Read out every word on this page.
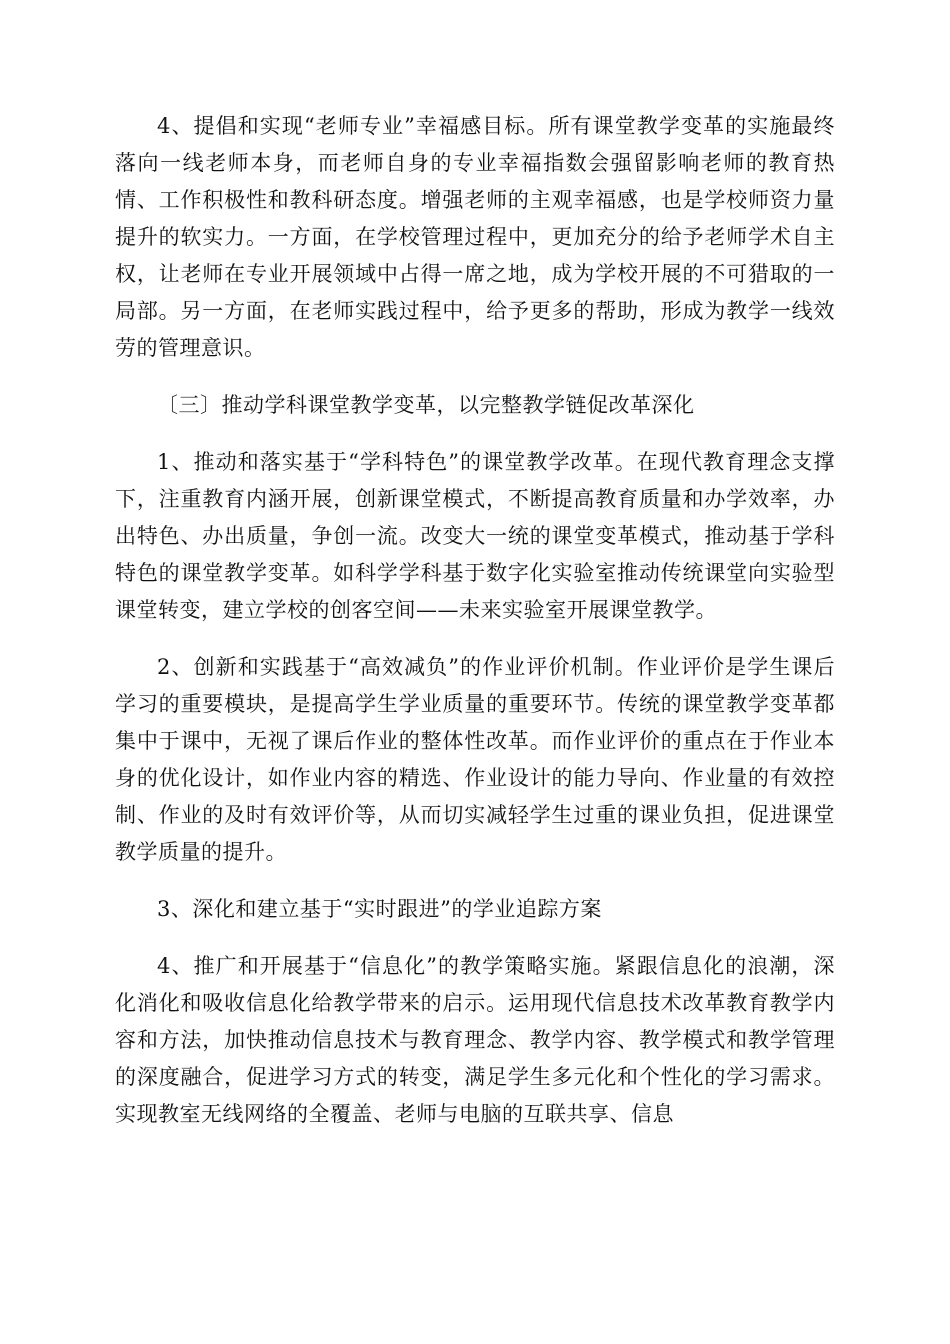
4、提倡和实现“老师专业”幸福感目标。所有课堂教学变革的实施最终落向一线老师本身，而老师自身的专业幸福指数会强留影响老师的教育热情、工作积极性和教科研态度。增强老师的主观幸福感，也是学校师资力量提升的软实力。一方面，在学校管理过程中，更加充分的给予老师学术自主权，让老师在专业开展领域中占得一席之地，成为学校开展的不可猎取的一局部。另一方面，在老师实践过程中，给予更多的帮助，形成为教学一线效劳的管理意识。

〔三〕推动学科课堂教学变革，以完整教学链促改革深化

1、推动和落实基于“学科特色”的课堂教学改革。在现代教育理念支撑下，注重教育内涵开展，创新课堂模式，不断提高教育质量和办学效率，办出特色、办出质量，争创一流。改变大一统的课堂变革模式，推动基于学科特色的课堂教学变革。如科学学科基于数字化实验室推动传统课堂向实验型课堂转变，建立学校的创客空间——未来实验室开展课堂教学。

2、创新和实践基于“高效减负”的作业评价机制。作业评价是学生课后学习的重要模块，是提高学生学业质量的重要环节。传统的课堂教学变革都集中于课中，无视了课后作业的整体性改革。而作业评价的重点在于作业本身的优化设计，如作业内容的精选、作业设计的能力导向、作业量的有效控制、作业的及时有效评价等，从而切实减轻学生过重的课业负担，促进课堂教学质量的提升。

3、深化和建立基于“实时跟进”的学业追踪方案

4、推广和开展基于“信息化”的教学策略实施。紧跟信息化的浪潮，深化消化和吸收信息化给教学带来的启示。运用现代信息技术改革教育教学内容和方法，加快推动信息技术与教育理念、教学内容、教学模式和教学管理的深度融合，促进学习方式的转变，满足学生多元化和个性化的学习需求。实现教室无线网络的全覆盖、老师与电脑的互联共享、信息
